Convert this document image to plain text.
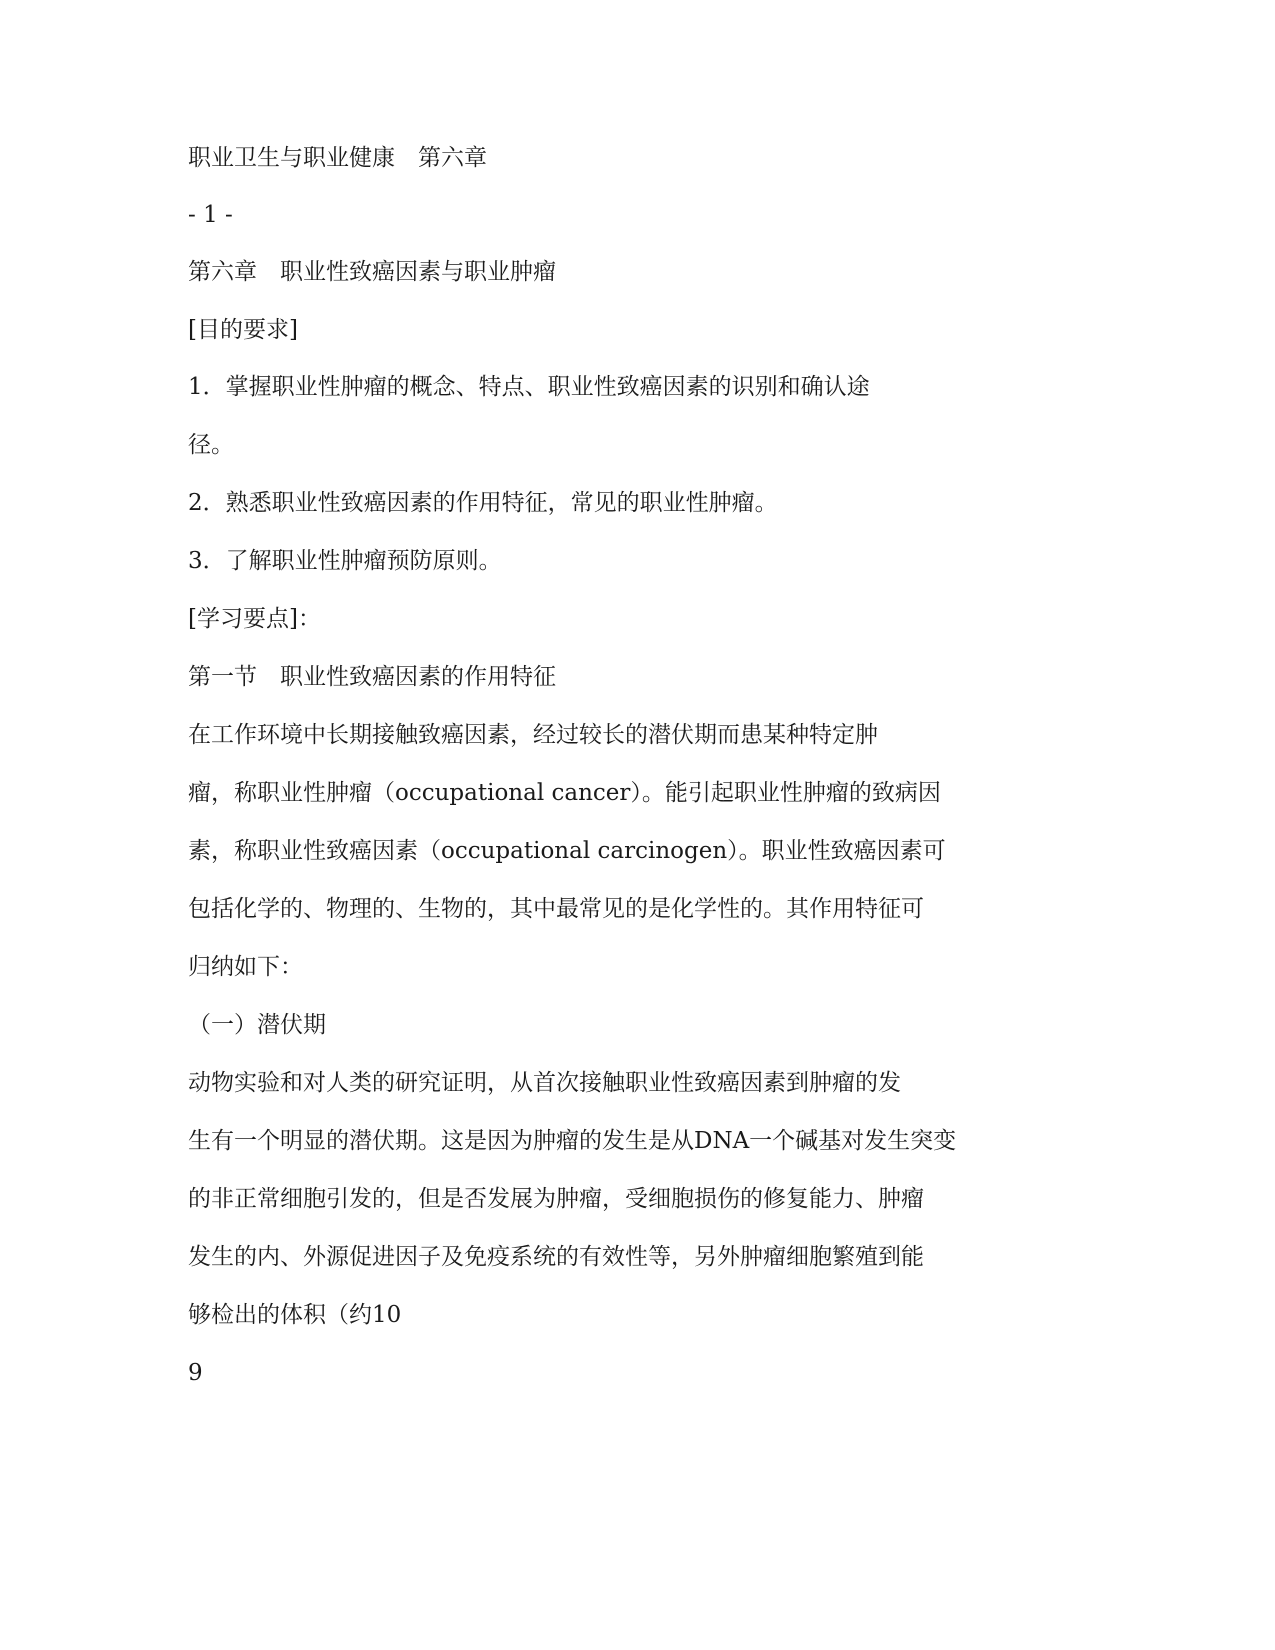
职业卫生与职业健康　第六章

- 1 -

第六章　职业性致癌因素与职业肿瘤

[目的要求]

1．掌握职业性肿瘤的概念、特点、职业性致癌因素的识别和确认途

径。

2．熟悉职业性致癌因素的作用特征，常见的职业性肿瘤。

3．了解职业性肿瘤预防原则。

[学习要点]：

第一节　职业性致癌因素的作用特征

在工作环境中长期接触致癌因素，经过较长的潜伏期而患某种特定肿

瘤，称职业性肿瘤（occupational cancer）。能引起职业性肿瘤的致病因

素，称职业性致癌因素（occupational carcinogen）。职业性致癌因素可

包括化学的、物理的、生物的，其中最常见的是化学性的。其作用特征可

归纳如下：

（一）潜伏期

动物实验和对人类的研究证明，从首次接触职业性致癌因素到肿瘤的发

生有一个明显的潜伏期。这是因为肿瘤的发生是从DNA一个碱基对发生突变

的非正常细胞引发的，但是否发展为肿瘤，受细胞损伤的修复能力、肿瘤

发生的内、外源促进因子及免疫系统的有效性等，另外肿瘤细胞繁殖到能

够检出的体积（约10

9
